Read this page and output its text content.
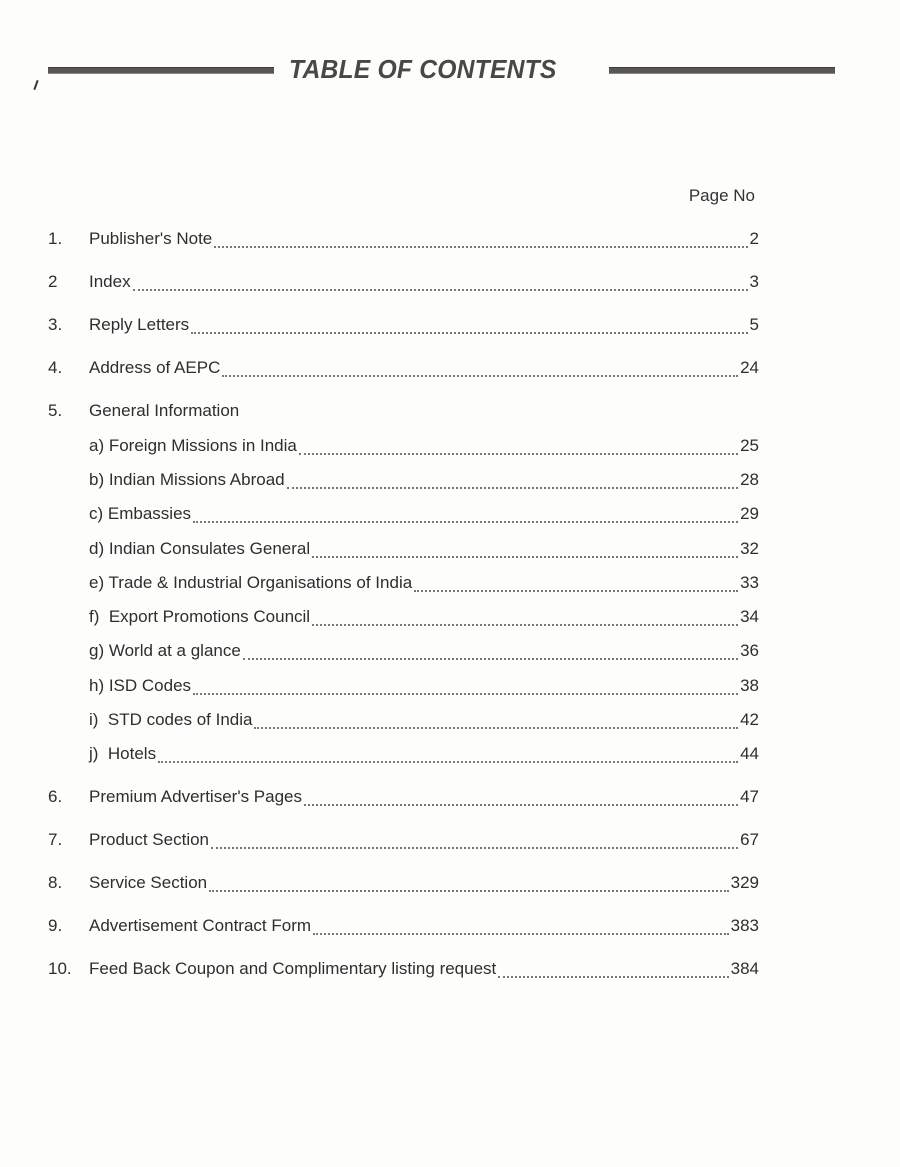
TABLE OF CONTENTS
Page No
1.	Publisher's Note	2
2	Index	3
3.	Reply Letters	5
4.	Address of AEPC	24
5.	General Information
a) Foreign Missions in India	25
b) Indian Missions Abroad	28
c) Embassies	29
d) Indian Consulates General	32
e) Trade & Industrial Organisations of India	33
f)  Export Promotions Council	34
g) World at a glance	36
h) ISD Codes	38
i)  STD codes of India	42
j)  Hotels	44
6.	Premium Advertiser's Pages	47
7.	Product Section	67
8.	Service Section	329
9.	Advertisement Contract Form	383
10.	Feed Back Coupon and Complimentary listing request	384
